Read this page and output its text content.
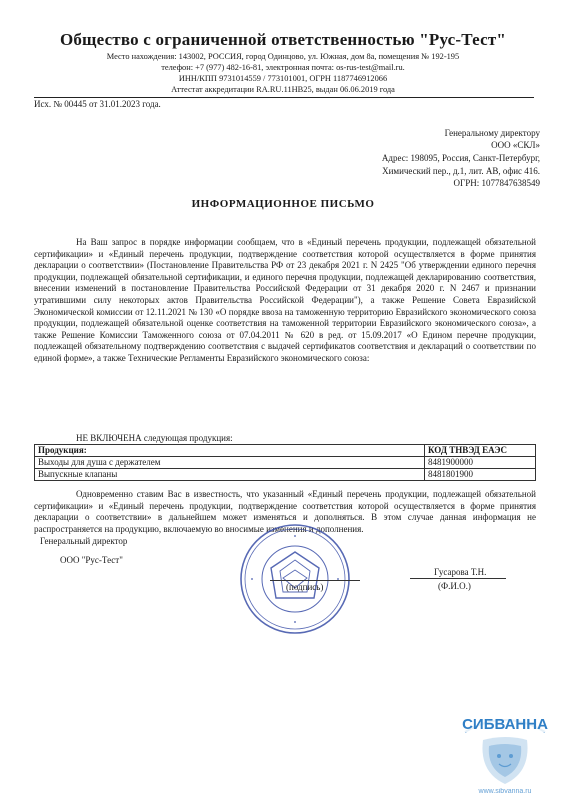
Общество с ограниченной ответственностью "Рус-Тест"
Место нахождения: 143002, РОССИЯ, город Одинцово, ул. Южная, дом 8а, помещения № 192-195
телефон: +7 (977) 482-16-81, электронная почта: os-rus-test@mail.ru.
ИНН/КПП 9731014559 / 773101001, ОГРН 1187746912066
Аттестат аккредитации RA.RU.11HB25, выдан 06.06.2019 года
Исх. № 00445 от 31.01.2023 года.
Генеральному директору
ООО «СКЛ»
Адрес: 198095, Россия, Санкт-Петербург,
Химический пер., д.1, лит. АВ, офис 416.
ОГРН: 1077847638549
ИНФОРМАЦИОННОЕ ПИСЬМО
На Ваш запрос в порядке информации сообщаем, что в «Единый перечень продукции, подлежащей обязательной сертификации» и «Единый перечень продукции, подтверждение соответствия которой осуществляется в форме принятия декларации о соответствии» (Постановление Правительства РФ от 23 декабря 2021 г. N 2425 "Об утверждении единого перечня продукции, подлежащей обязательной сертификации, и единого перечня продукции, подлежащей декларированию соответствия, внесении изменений в постановление Правительства Российской Федерации от 31 декабря 2020 г. N 2467 и признании утратившими силу некоторых актов Правительства Российской Федерации"), а также Решение Совета Евразийской Экономической комиссии от 12.11.2021 № 130 «О порядке ввоза на таможенную территорию Евразийского экономического союза продукции, подлежащей обязательной оценке соответствия на таможенной территории Евразийского экономического союза», а также Решение Комиссии Таможенного союза от 07.04.2011 № 620 в ред. от 15.09.2017 «О Едином перечне продукции, подлежащей обязательному подтверждению соответствия с выдачей сертификатов соответствия и деклараций о соответствии по единой форме», а также Технические Регламенты Евразийского экономического союза:
НЕ ВКЛЮЧЕНА следующая продукция:
Продукция:	КОД ТНВЭД ЕАЭС
Выходы для душа с держателем	8481900000
Выпускные клапаны	8481801900
Одновременно ставим Вас в известность, что указанный «Единый перечень продукции, подлежащей обязательной сертификации» и «Единый перечень продукции, подтверждение соответствия которой осуществляется в форме принятия декларации о соответствии» в дальнейшем может изменяться и дополняться. В этом случае данная информация не распространяется на продукцию, включаемую во вносимые изменения и дополнения.
Генеральный директор
ООО "Рус-Тест"
(подпись)
Гусарова Т.Н.
(Ф.И.О.)
СИБВАННА
www.sibvanna.ru
